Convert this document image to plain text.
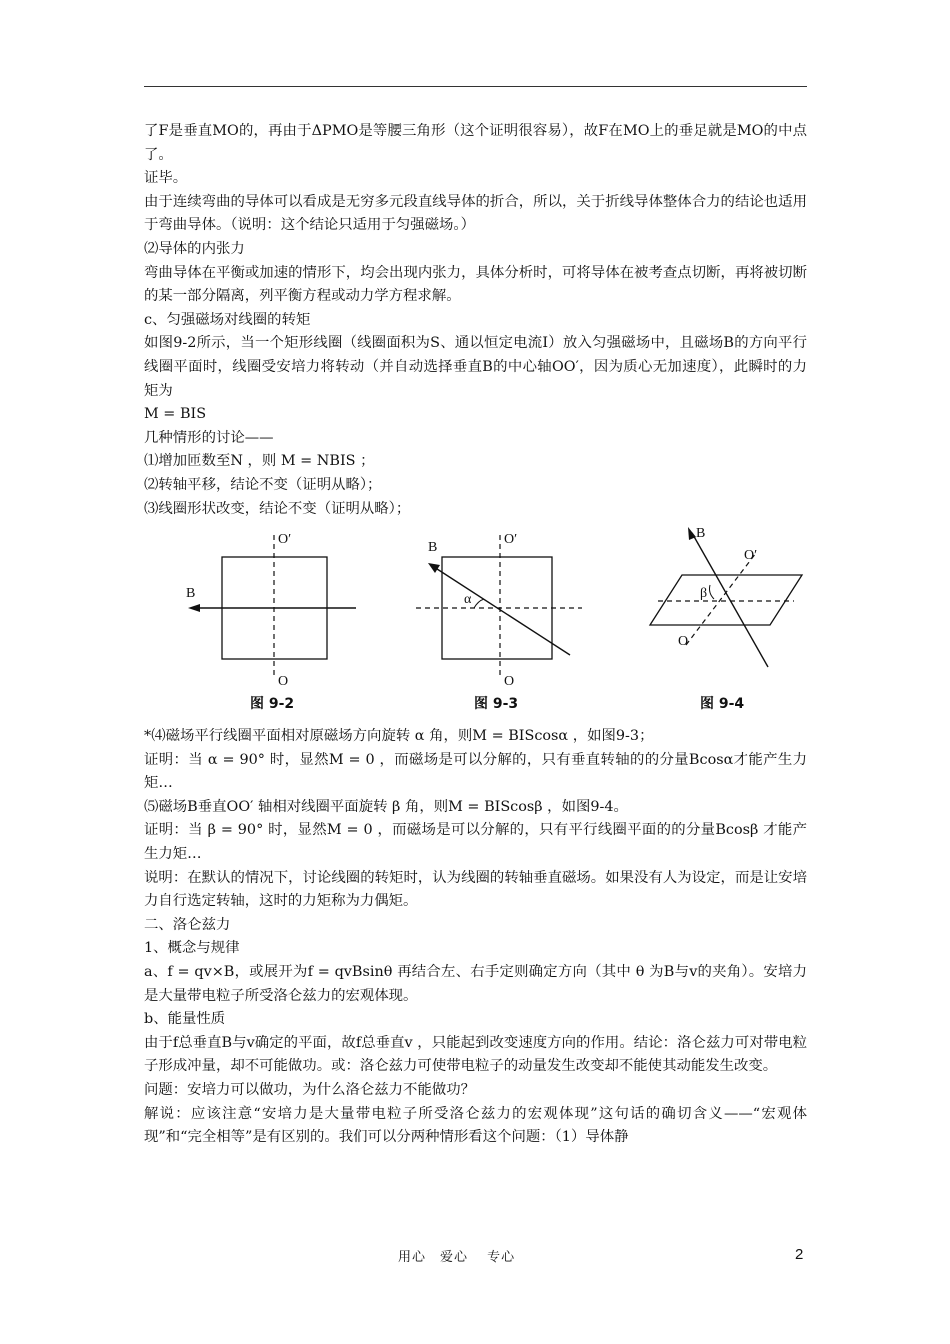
了F是垂直MO的，再由于ΔPMO是等腰三角形（这个证明很容易），故F在MO上的垂足就是MO的中点了。

证毕。

由于连续弯曲的导体可以看成是无穷多元段直线导体的折合，所以，关于折线导体整体合力的结论也适用于弯曲导体。（说明：这个结论只适用于匀强磁场。）

⑵导体的内张力

弯曲导体在平衡或加速的情形下，均会出现内张力，具体分析时，可将导体在被考查点切断，再将被切断的某一部分隔离，列平衡方程或动力学方程求解。

c、匀强磁场对线圈的转矩

如图9-2所示，当一个矩形线圈（线圈面积为S、通以恒定电流I）放入匀强磁场中，且磁场B的方向平行线圈平面时，线圈受安培力将转动（并自动选择垂直B的中心轴OO′，因为质心无加速度），此瞬时的力矩为

M = BIS

几种情形的讨论——

⑴增加匝数至N ，则 M = NBIS ；

⑵转轴平移，结论不变（证明从略）；

⑶线圈形状改变，结论不变（证明从略）；

B
O′
O
图 9-2
B
α
O′
O
图 9-3
B
β
O′
O
图 9-4

*⑷磁场平行线圈平面相对原磁场方向旋转 α 角，则M = BIScosα ，如图9-3；

证明：当 α = 90° 时，显然M = 0 ，而磁场是可以分解的，只有垂直转轴的的分量Bcosα才能产生力矩…

⑸磁场B垂直OO′ 轴相对线圈平面旋转 β 角，则M = BIScosβ ，如图9-4。

证明：当 β = 90° 时，显然M = 0 ，而磁场是可以分解的，只有平行线圈平面的的分量Bcosβ 才能产生力矩…

说明：在默认的情况下，讨论线圈的转矩时，认为线圈的转轴垂直磁场。如果没有人为设定，而是让安培力自行选定转轴，这时的力矩称为力偶矩。

二、洛仑兹力

1、概念与规律

a、f = qv×B，或展开为f = qvBsinθ 再结合左、右手定则确定方向（其中 θ 为B与v的夹角）。安培力是大量带电粒子所受洛仑兹力的宏观体现。

b、能量性质

由于f总垂直B与v确定的平面，故f总垂直v ，只能起到改变速度方向的作用。结论：洛仑兹力可对带电粒子形成冲量，却不可能做功。或：洛仑兹力可使带电粒子的动量发生改变却不能使其动能发生改变。

问题：安培力可以做功，为什么洛仑兹力不能做功？

解说：应该注意“安培力是大量带电粒子所受洛仑兹力的宏观体现”这句话的确切含义——“宏观体现”和“完全相等”是有区别的。我们可以分两种情形看这个问题：（1）导体静

用心　爱心　 专心	2
